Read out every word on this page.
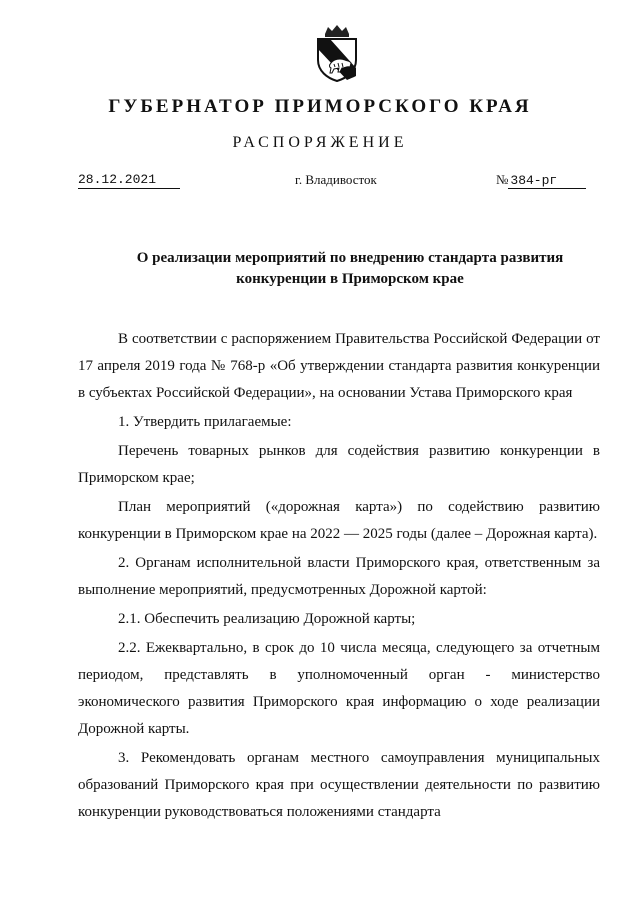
ГУБЕРНАТОР ПРИМОРСКОГО КРАЯ
РАСПОРЯЖЕНИЕ
28.12.2021	г. Владивосток	№ 384-рг
О реализации мероприятий по внедрению стандарта развития
конкуренции в Приморском крае

В соответствии с распоряжением Правительства Российской Федерации от 17 апреля 2019 года № 768-р «Об утверждении стандарта развития конкуренции в субъектах Российской Федерации», на основании Устава Приморского края

1. Утвердить прилагаемые:

Перечень товарных рынков для содействия развитию конкуренции в Приморском крае;

План мероприятий («дорожная карта») по содействию развитию конкуренции в Приморском крае на 2022 — 2025 годы (далее – Дорожная карта).

2. Органам исполнительной власти Приморского края, ответственным за выполнение мероприятий, предусмотренных Дорожной картой:

2.1. Обеспечить реализацию Дорожной карты;

2.2. Ежеквартально, в срок до 10 числа месяца, следующего за отчетным периодом, представлять в уполномоченный орган - министерство экономического развития Приморского края информацию о ходе реализации Дорожной карты.

3. Рекомендовать органам местного самоуправления муниципальных образований Приморского края при осуществлении деятельности по развитию конкуренции руководствоваться положениями стандарта
